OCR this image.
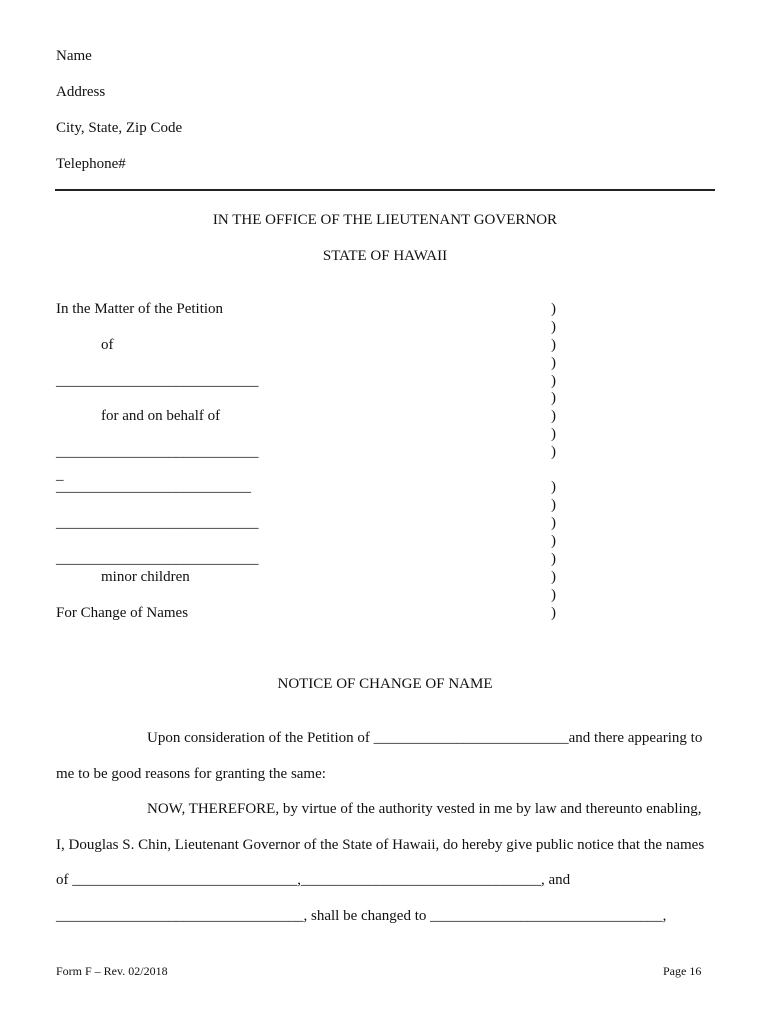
Name
Address
City, State, Zip Code
Telephone#
IN THE OFFICE OF THE LIEUTENANT GOVERNOR
STATE OF HAWAII
In the Matter of the Petition
of
___________________________
for and on behalf of
___________________________
_
__________________________
___________________________
___________________________
minor children
For Change of Names
)
)
)
)
)
)
)
)
)
)
)
)
)
)
)
)
)
NOTICE OF CHANGE OF NAME
Upon consideration of the Petition of __________________________and there appearing to
me to be good reasons for granting the same:
NOW, THEREFORE, by virtue of the authority vested in me by law and thereunto enabling,
I, Douglas S. Chin, Lieutenant Governor of the State of Hawaii, do hereby give public notice that the names
of ______________________________,________________________________, and
_________________________________, shall be changed to _______________________________,
Form F – Rev. 02/2018	Page 16
